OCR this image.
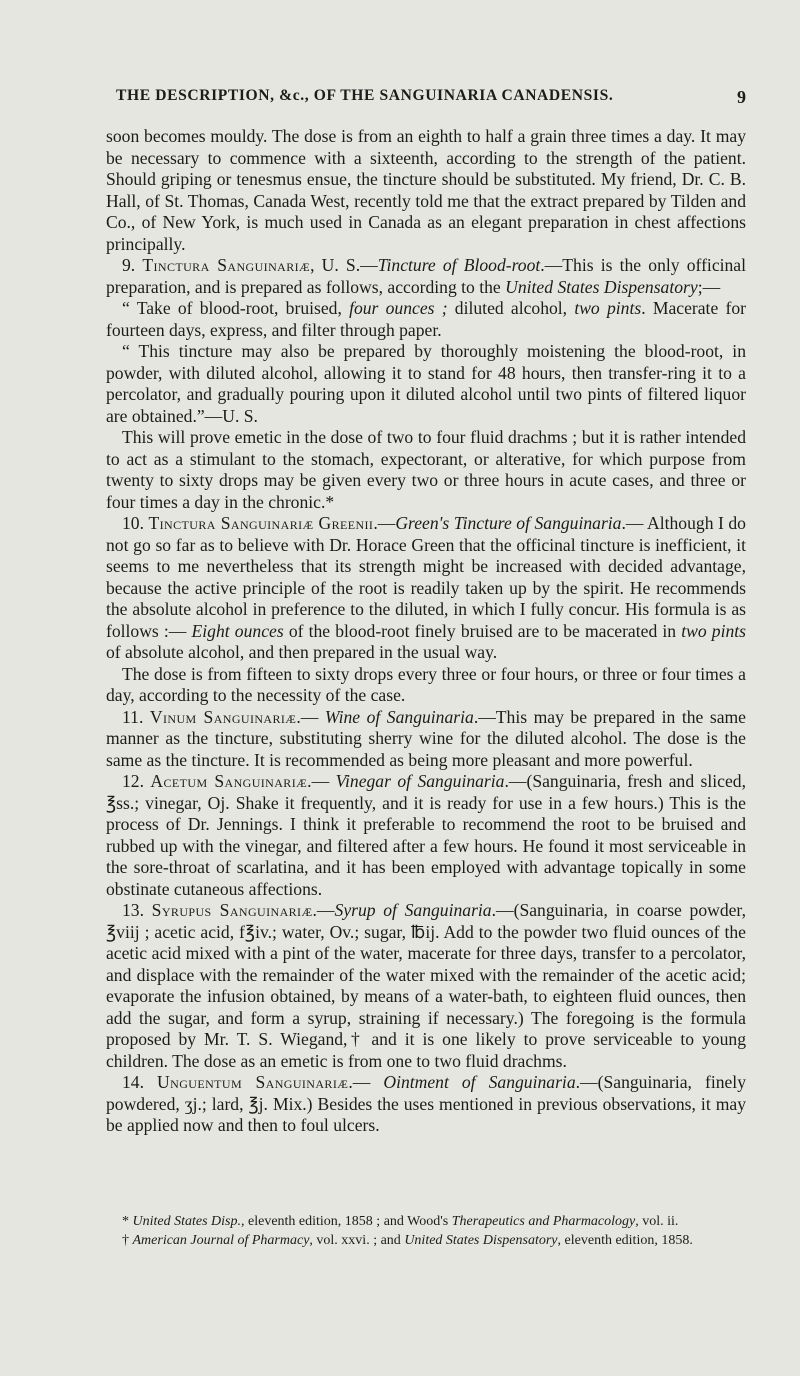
THE DESCRIPTION, &c., OF THE SANGUINARIA CANADENSIS.	9

soon becomes mouldy. The dose is from an eighth to half a grain three times a day. It may be necessary to commence with a sixteenth, according to the strength of the patient. Should griping or tenesmus ensue, the tincture should be substituted. My friend, Dr. C. B. Hall, of St. Thomas, Canada West, recently told me that the extract prepared by Tilden and Co., of New York, is much used in Canada as an elegant preparation in chest affections principally.

9. Tinctura Sanguinariæ, U. S.—Tincture of Blood-root.—This is the only officinal preparation, and is prepared as follows, according to the United States Dispensatory;—

“ Take of blood-root, bruised, four ounces ; diluted alcohol, two pints. Macerate for fourteen days, express, and filter through paper.

“ This tincture may also be prepared by thoroughly moistening the blood-root, in powder, with diluted alcohol, allowing it to stand for 48 hours, then transfer-ring it to a percolator, and gradually pouring upon it diluted alcohol until two pints of filtered liquor are obtained.”—U. S.

This will prove emetic in the dose of two to four fluid drachms ; but it is rather intended to act as a stimulant to the stomach, expectorant, or alterative, for which purpose from twenty to sixty drops may be given every two or three hours in acute cases, and three or four times a day in the chronic.*

10. Tinctura Sanguinariæ Greenii.—Green's Tincture of Sanguinaria.— Although I do not go so far as to believe with Dr. Horace Green that the officinal tincture is inefficient, it seems to me nevertheless that its strength might be increased with decided advantage, because the active principle of the root is readily taken up by the spirit. He recommends the absolute alcohol in preference to the diluted, in which I fully concur. His formula is as follows :— Eight ounces of the blood-root finely bruised are to be macerated in two pints of absolute alcohol, and then prepared in the usual way.

The dose is from fifteen to sixty drops every three or four hours, or three or four times a day, according to the necessity of the case.

11. Vinum Sanguinariæ.— Wine of Sanguinaria.—This may be prepared in the same manner as the tincture, substituting sherry wine for the diluted alcohol. The dose is the same as the tincture. It is recommended as being more pleasant and more powerful.

12. Acetum Sanguinariæ.— Vinegar of Sanguinaria.—(Sanguinaria, fresh and sliced, ℥ss.; vinegar, Oj. Shake it frequently, and it is ready for use in a few hours.) This is the process of Dr. Jennings. I think it preferable to recommend the root to be bruised and rubbed up with the vinegar, and filtered after a few hours. He found it most serviceable in the sore-throat of scarlatina, and it has been employed with advantage topically in some obstinate cutaneous affections.

13. Syrupus Sanguinariæ.—Syrup of Sanguinaria.—(Sanguinaria, in coarse powder, ℥viij ; acetic acid, f℥iv.; water, Ov.; sugar, ℔ij. Add to the powder two fluid ounces of the acetic acid mixed with a pint of the water, macerate for three days, transfer to a percolator, and displace with the remainder of the water mixed with the remainder of the acetic acid; evaporate the infusion obtained, by means of a water-bath, to eighteen fluid ounces, then add the sugar, and form a syrup, straining if necessary.) The foregoing is the formula proposed by Mr. T. S. Wiegand,† and it is one likely to prove serviceable to young children. The dose as an emetic is from one to two fluid drachms.

14. Unguentum Sanguinariæ.— Ointment of Sanguinaria.—(Sanguinaria, finely powdered, ʒj.; lard, ℥j. Mix.) Besides the uses mentioned in previous observations, it may be applied now and then to foul ulcers.

* United States Disp., eleventh edition, 1858 ; and Wood's Therapeutics and Pharmacology, vol. ii.

† American Journal of Pharmacy, vol. xxvi. ; and United States Dispensatory, eleventh edition, 1858.
